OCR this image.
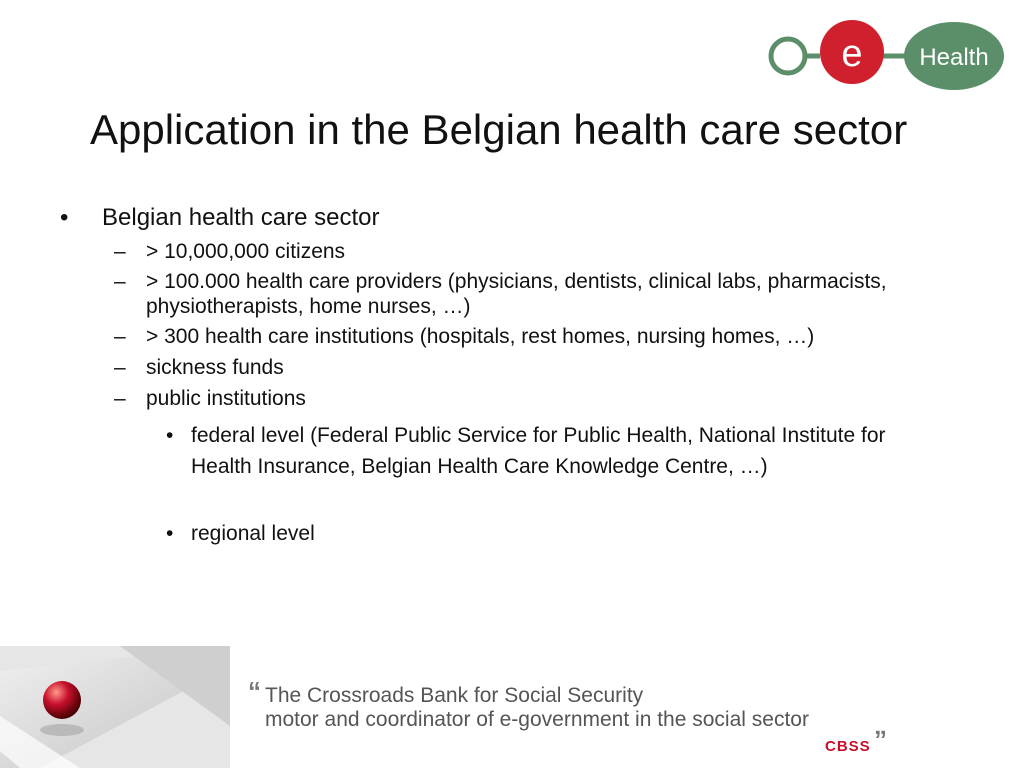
e Health
Application in the Belgian health care sector
• Belgian health care sector
– > 10,000,000 citizens
– > 100.000 health care providers (physicians, dentists, clinical labs, pharmacists, physiotherapists, home nurses, …)
– > 300 health care institutions (hospitals, rest homes, nursing homes, …)
– sickness funds
– public institutions
• federal level (Federal Public Service for Public Health, National Institute for Health Insurance, Belgian Health Care Knowledge Centre, …)
• regional level
“ The Crossroads Bank for Social Security
motor and coordinator of e-government in the social sector	„
CBSS
